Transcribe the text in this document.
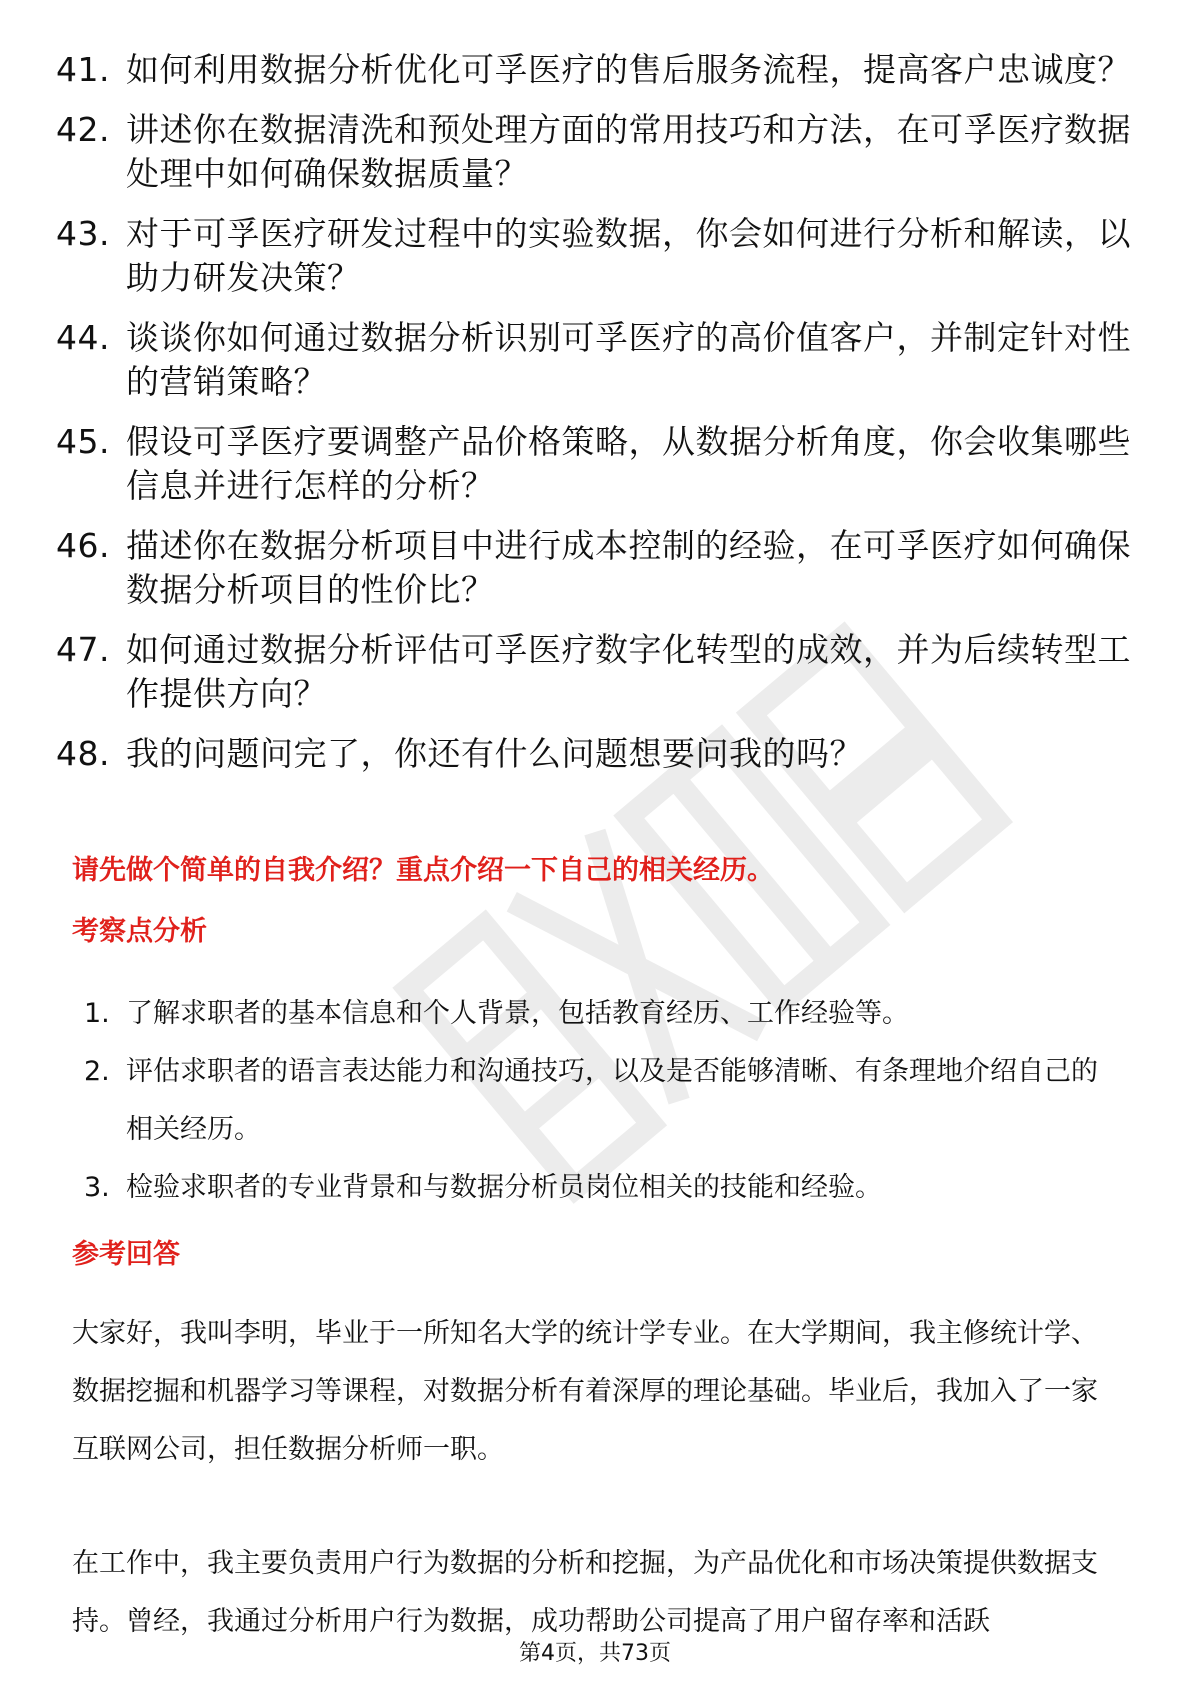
41. 如何利用数据分析优化可孚医疗的售后服务流程，提高客户忠诚度？
42. 讲述你在数据清洗和预处理方面的常用技巧和方法，在可孚医疗数据处理中如何确保数据质量？
43. 对于可孚医疗研发过程中的实验数据，你会如何进行分析和解读，以助力研发决策？
44. 谈谈你如何通过数据分析识别可孚医疗的高价值客户，并制定针对性的营销策略？
45. 假设可孚医疗要调整产品价格策略，从数据分析角度，你会收集哪些信息并进行怎样的分析？
46. 描述你在数据分析项目中进行成本控制的经验，在可孚医疗如何确保数据分析项目的性价比？
47. 如何通过数据分析评估可孚医疗数字化转型的成效，并为后续转型工作提供方向？
48. 我的问题问完了，你还有什么问题想要问我的吗？
请先做个简单的自我介绍？重点介绍一下自己的相关经历。
考察点分析
1. 了解求职者的基本信息和个人背景，包括教育经历、工作经验等。
2. 评估求职者的语言表达能力和沟通技巧，以及是否能够清晰、有条理地介绍自己的相关经历。
3. 检验求职者的专业背景和与数据分析员岗位相关的技能和经验。
参考回答

大家好，我叫李明，毕业于一所知名大学的统计学专业。在大学期间，我主修统计学、数据挖掘和机器学习等课程，对数据分析有着深厚的理论基础。毕业后，我加入了一家互联网公司，担任数据分析师一职。

在工作中，我主要负责用户行为数据的分析和挖掘，为产品优化和市场决策提供数据支持。曾经，我通过分析用户行为数据，成功帮助公司提高了用户留存率和活跃

第4页，共73页
